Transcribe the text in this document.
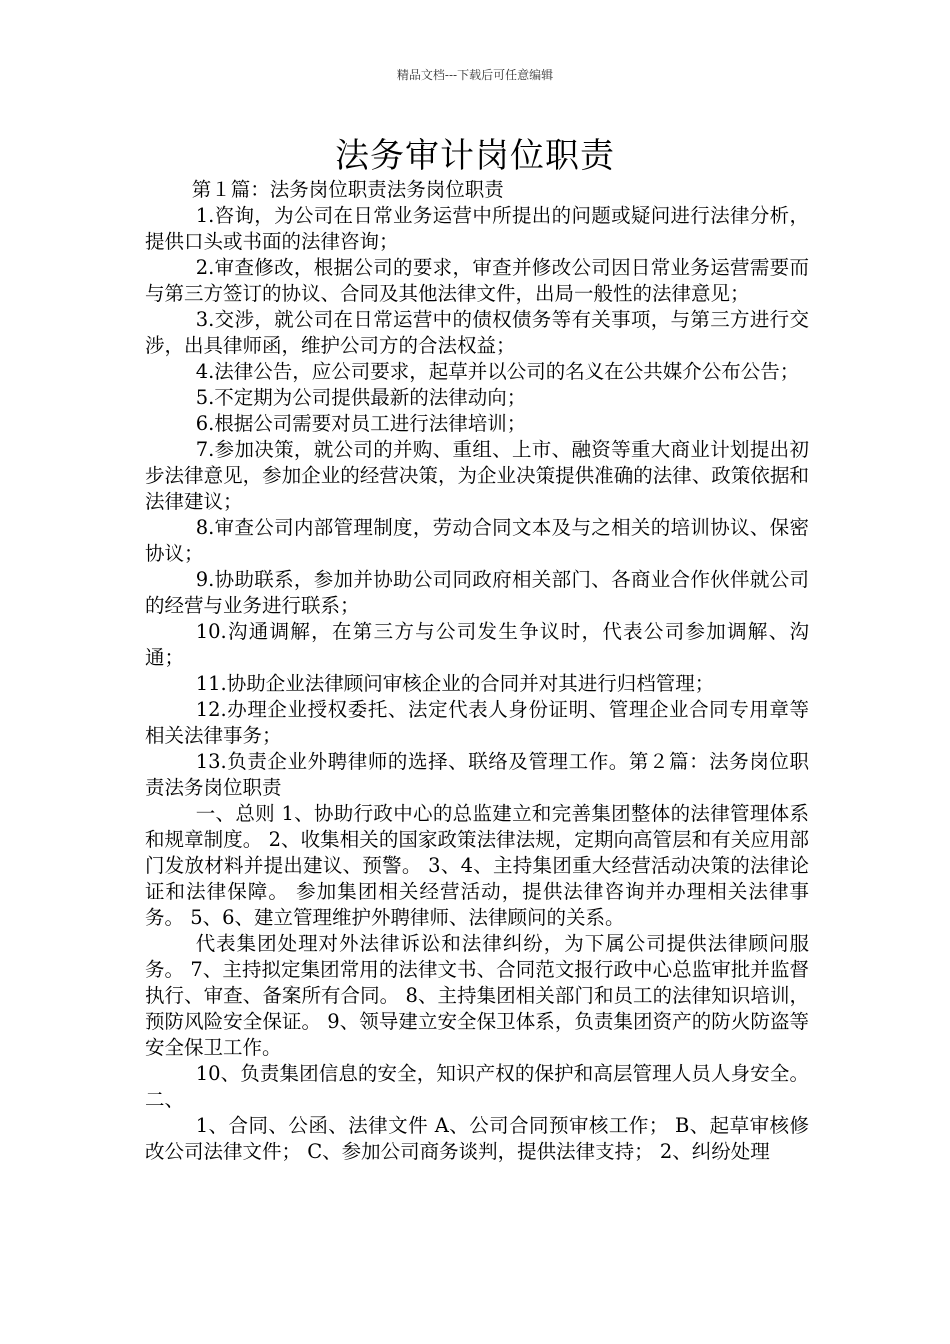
精品文档---下载后可任意编辑
法务审计岗位职责

第１篇：法务岗位职责法务岗位职责

1.咨询，为公司在日常业务运营中所提出的问题或疑问进行法律分析，提供口头或书面的法律咨询；

2.审查修改，根据公司的要求，审查并修改公司因日常业务运营需要而与第三方签订的协议、合同及其他法律文件，出局一般性的法律意见；

3.交涉，就公司在日常运营中的债权债务等有关事项，与第三方进行交涉，出具律师函，维护公司方的合法权益；

4.法律公告，应公司要求，起草并以公司的名义在公共媒介公布公告；

5.不定期为公司提供最新的法律动向；

6.根据公司需要对员工进行法律培训；

7.参加决策，就公司的并购、重组、上市、融资等重大商业计划提出初步法律意见，参加企业的经营决策，为企业决策提供准确的法律、政策依据和法律建议；

8.审查公司内部管理制度，劳动合同文本及与之相关的培训协议、保密协议；

9.协助联系，参加并协助公司同政府相关部门、各商业合作伙伴就公司的经营与业务进行联系；

10.沟通调解，在第三方与公司发生争议时，代表公司参加调解、沟通；

11.协助企业法律顾问审核企业的合同并对其进行归档管理；

12.办理企业授权委托、法定代表人身份证明、管理企业合同专用章等相关法律事务；

13.负责企业外聘律师的选择、联络及管理工作。第２篇：法务岗位职责法务岗位职责

一、总则 1、协助行政中心的总监建立和完善集团整体的法律管理体系和规章制度。 2、收集相关的国家政策法律法规，定期向高管层和有关应用部门发放材料并提出建议、预警。 3、4、主持集团重大经营活动决策的法律论证和法律保障。 参加集团相关经营活动，提供法律咨询并办理相关法律事务。 5、6、建立管理维护外聘律师、法律顾问的关系。

代表集团处理对外法律诉讼和法律纠纷，为下属公司提供法律顾问服务。 7、主持拟定集团常用的法律文书、合同范文报行政中心总监审批并监督执行、审查、备案所有合同。 8、主持集团相关部门和员工的法律知识培训，预防风险安全保证。 9、领导建立安全保卫体系，负责集团资产的防火防盗等安全保卫工作。

10、负责集团信息的安全，知识产权的保护和高层管理人员人身安全。 二、

1、合同、公函、法律文件 A、公司合同预审核工作； B、起草审核修改公司法律文件； C、参加公司商务谈判，提供法律支持； 2、纠纷处理
